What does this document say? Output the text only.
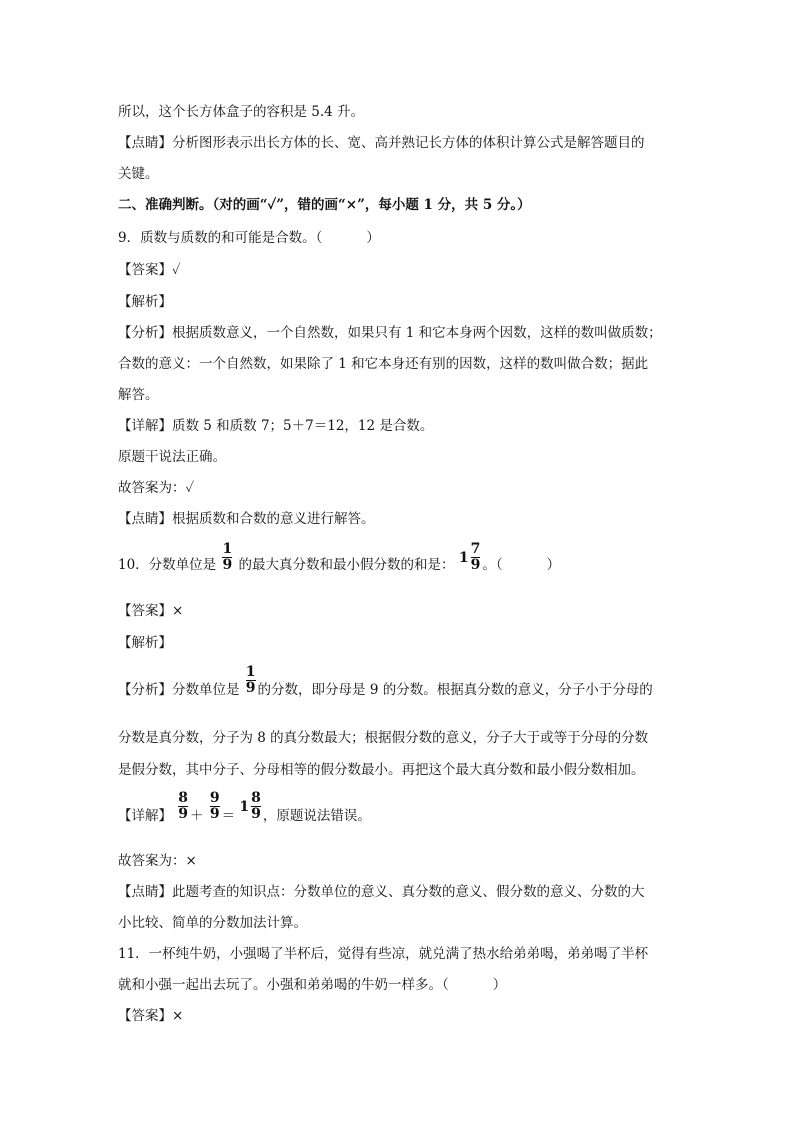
所以，这个长方体盒子的容积是 5.4 升。
【点睛】分析图形表示出长方体的长、宽、高并熟记长方体的体积计算公式是解答题目的
关键。
二、准确判断。（对的画“✓”，错的画“×”，每小题 1 分，共 5 分。）
9．质数与质数的和可能是合数。（	）
【答案】✓
【解析】
【分析】根据质数意义，一个自然数，如果只有 1 和它本身两个因数，这样的数叫做质数；
合数的意义：一个自然数，如果除了 1 和它本身还有别的因数，这样的数叫做合数；据此
解答。
【详解】质数 5 和质数 7；5＋7＝12，12 是合数。
原题干说法正确。
故答案为：✓
【点睛】根据质数和合数的意义进行解答。
10．分数单位是 $\frac{1}{9}$ 的最大真分数和最小假分数的和是： $1 \frac{7}{9}$ 。（	）
【答案】×
【解析】
【分析】分数单位是 $\frac{1}{9}$ 的分数，即分母是 9 的分数。根据真分数的意义，分子小于分母的
分数是真分数，分子为 8 的真分数最大；根据假分数的意义，分子大于或等于分母的分数
是假分数，其中分子、分母相等的假分数最小。再把这个最大真分数和最小假分数相加。
【详解】 $\frac{8}{9} + \frac{9}{9}$ ＝
$1 \frac{8}{9}$ ，原题说法错误。
故答案为：×
【点睛】此题考查的知识点：分数单位的意义、真分数的意义、假分数的意义、分数的大
小比较、简单的分数加法计算。
11．一杯纯牛奶，小强喝了半杯后，觉得有些凉，就兑满了热水给弟弟喝，弟弟喝了半杯
就和小强一起出去玩了。小强和弟弟喝的牛奶一样多。（	）
【答案】×
